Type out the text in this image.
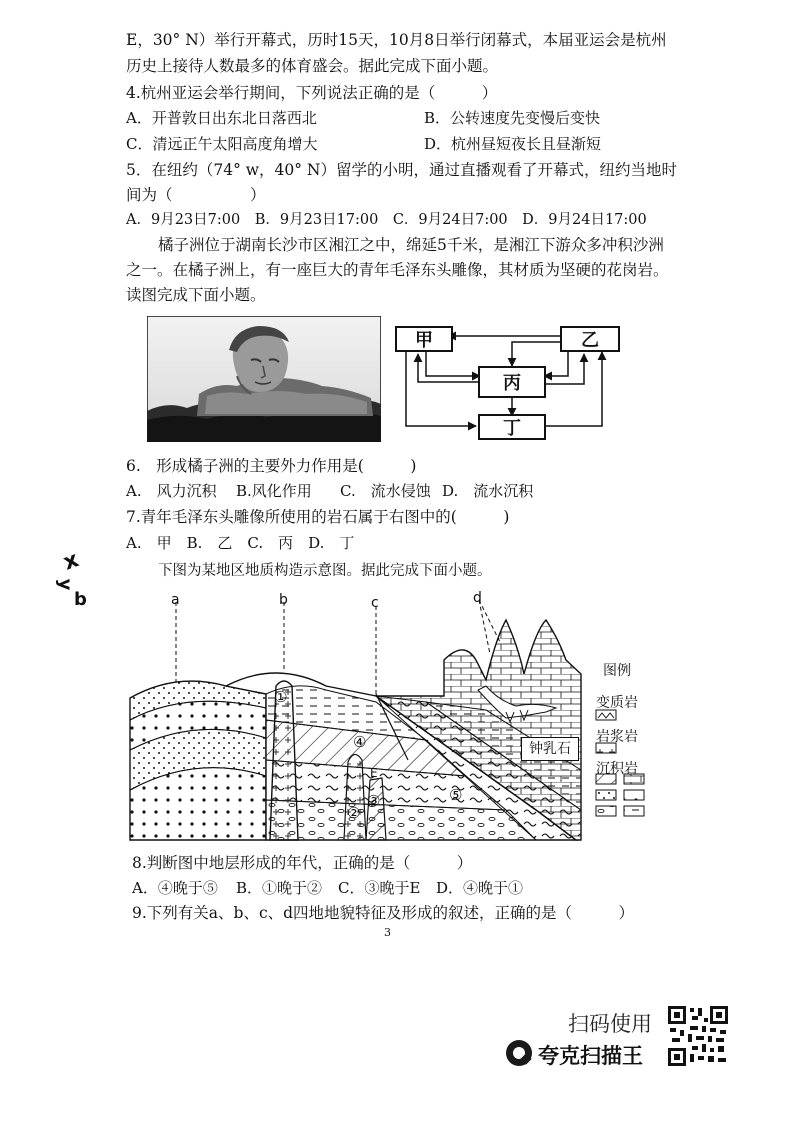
E，30° N）举行开幕式，历时15天，10月8日举行闭幕式，本届亚运会是杭州
历史上接待人数最多的体育盛会。据此完成下面小题。
4.杭州亚运会举行期间，下列说法正确的是（　　　）
A．开普敦日出东北日落西北	B．公转速度先变慢后变快
C．清远正午太阳高度角增大	D．杭州昼短夜长且昼渐短
5．在纽约（74° w，40° N）留学的小明，通过直播观看了开幕式，纽约当地时
间为（　　　　　）
A．9月23日7:00　B．9月23日17:00　C．9月24日7:00　D．9月24日17:00
橘子洲位于湖南长沙市区湘江之中，绵延5千米，是湘江下游众多冲积沙洲
之一。在橘子洲上，有一座巨大的青年毛泽东头雕像，其材质为坚硬的花岗岩。
读图完成下面小题。
甲	乙
丙
丁
6.　形成橘子洲的主要外力作用是(　　　)
A.　风力沉积 B.风化作用 C.　流水侵蚀 D.　流水沉积
7.青年毛泽东头雕像所使用的岩石属于右图中的(　　　)
A.　甲　B.　乙　C.　丙　D.　丁
x
y
b
下图为某地区地质构造示意图。据此完成下面小题。
a	b	c	d
①
②
③
④
⑤
E
钟乳石
图例
变质岩
岩浆岩
沉积岩
8.判断图中地层形成的年代，正确的是（　　　）
A．④晚于⑤ B．①晚于② C．③晚于E D．④晚于①
9.下列有关a、b、c、d四地地貌特征及形成的叙述，正确的是（　　　）
3
扫码使用
夸克扫描王
